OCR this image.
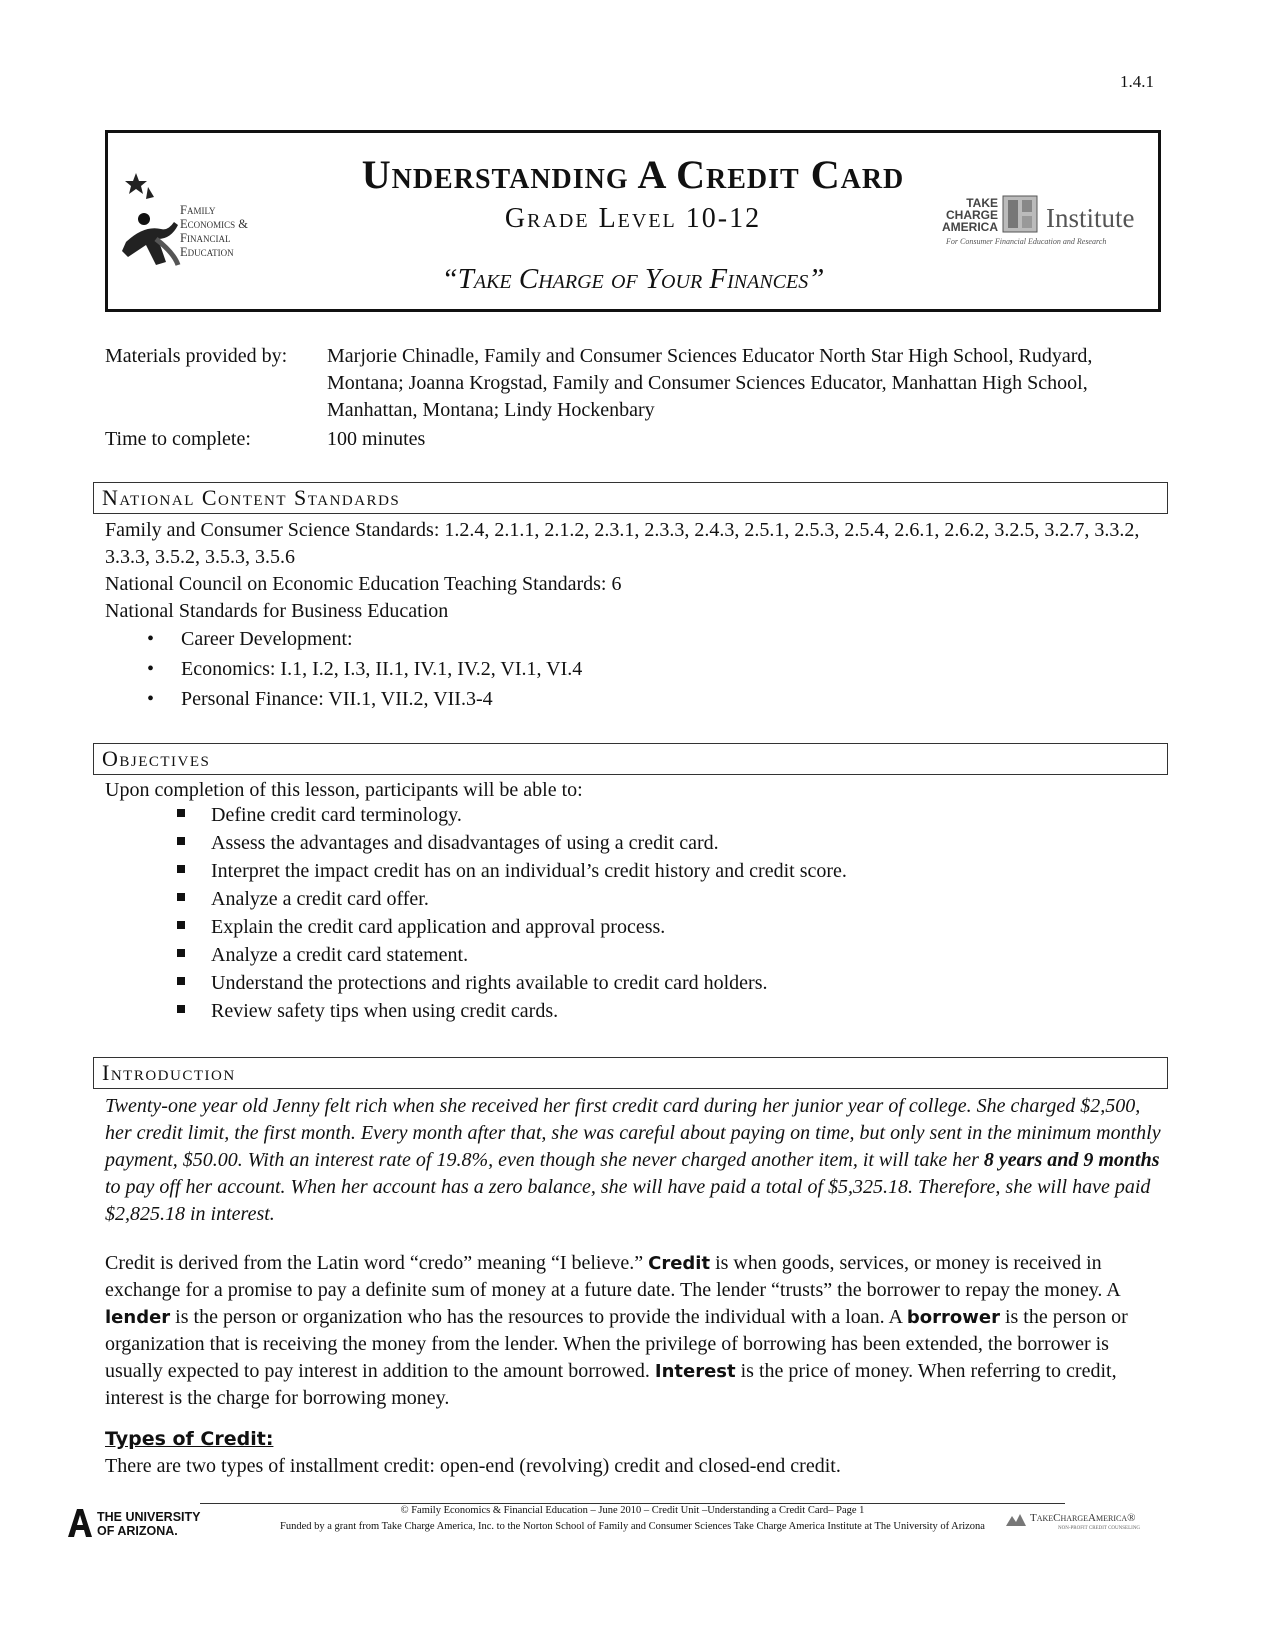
1.4.1
Understanding A Credit Card
Grade Level 10-12
“Take Charge of Your Finances”
Family
Economics &
Financial
Education
TAKE
CHARGE
AMERICA Institute
For Consumer Financial Education and Research
Materials provided by: Marjorie Chinadle, Family and Consumer Sciences Educator North Star High School, Rudyard, Montana; Joanna Krogstad, Family and Consumer Sciences Educator, Manhattan High School, Manhattan, Montana; Lindy Hockenbary
Time to complete:	100 minutes
National Content Standards
Family and Consumer Science Standards: 1.2.4, 2.1.1, 2.1.2, 2.3.1, 2.3.3, 2.4.3, 2.5.1, 2.5.3, 2.5.4, 2.6.1, 2.6.2, 3.2.5, 3.2.7, 3.3.2, 3.3.3, 3.5.2, 3.5.3, 3.5.6
National Council on Economic Education Teaching Standards: 6
National Standards for Business Education
• Career Development:
• Economics: I.1, I.2, I.3, II.1, IV.1, IV.2, VI.1, VI.4
• Personal Finance: VII.1, VII.2, VII.3-4
Objectives
Upon completion of this lesson, participants will be able to:
Define credit card terminology.
Assess the advantages and disadvantages of using a credit card.
Interpret the impact credit has on an individual’s credit history and credit score.
Analyze a credit card offer.
Explain the credit card application and approval process.
Analyze a credit card statement.
Understand the protections and rights available to credit card holders.
Review safety tips when using credit cards.
Introduction
Twenty-one year old Jenny felt rich when she received her first credit card during her junior year of college. She charged $2,500, her credit limit, the first month. Every month after that, she was careful about paying on time, but only sent in the minimum monthly payment, $50.00. With an interest rate of 19.8%, even though she never charged another item, it will take her 8 years and 9 months to pay off her account. When her account has a zero balance, she will have paid a total of $5,325.18. Therefore, she will have paid $2,825.18 in interest.
Credit is derived from the Latin word “credo” meaning “I believe.” Credit is when goods, services, or money is received in exchange for a promise to pay a definite sum of money at a future date. The lender “trusts” the borrower to repay the money. A lender is the person or organization who has the resources to provide the individual with a loan. A borrower is the person or organization that is receiving the money from the lender. When the privilege of borrowing has been extended, the borrower is usually expected to pay interest in addition to the amount borrowed. Interest is the price of money. When referring to credit, interest is the charge for borrowing money.
Types of Credit:
There are two types of installment credit: open-end (revolving) credit and closed-end credit.
© Family Economics & Financial Education – June 2010 – Credit Unit –Understanding a Credit Card– Page 1
Funded by a grant from Take Charge America, Inc. to the Norton School of Family and Consumer Sciences Take Charge America Institute at The University of Arizona
THE UNIVERSITY
OF ARIZONA.
TakeChargeAmerica®
NON-PROFIT CREDIT COUNSELING
